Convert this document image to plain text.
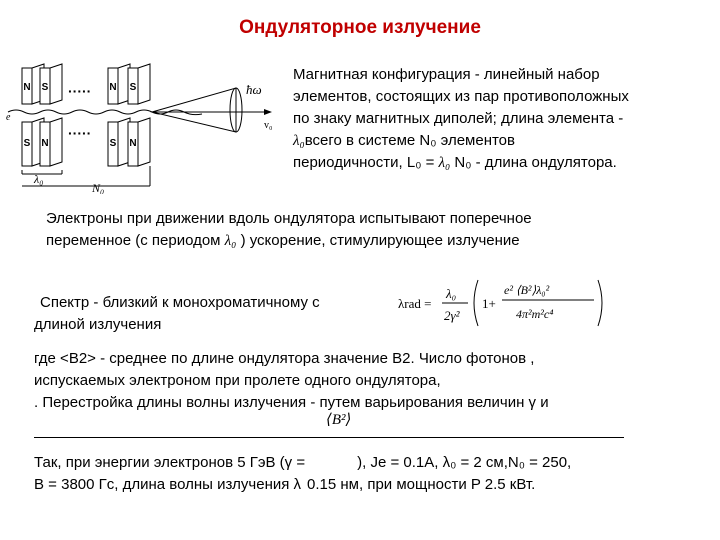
Ондуляторное излучение
N S	N S
S N	S N
·····
·····
e
ћω
v₀
λ₀
N₀
Магнитная конфигурация - линейный набор
элементов, состоящих из пар противоположных
по знаку магнитных диполей; длина элемента -
λ₀всего в системе N₀ элементов
периодичности, L₀ = λ₀ N₀ - длина ондулятора.
Электроны при движении вдоль ондулятора испытывают поперечное
переменное (с периодом λ₀ ) ускорение, стимулирующее излучение
Спектр - близкий к монохроматичному с
длиной излучения
λrad =
λ₀
2γ²
1+
e² ⟨B²⟩λ₀²
4π²m²c⁴
где <B2> - среднее по длине ондулятора значение B2. Число фотонов ,
испускаемых электроном при пролете одного ондулятора,
. Перестройка длины волны излучения - путем варьирования величин γ и
⟨B²⟩
Так, при энергии электронов 5 ГэВ (γ =	), Je = 0.1А, λ₀ = 2 см,N₀ = 250,
B = 3800 Гс, длина волны излучения λ 0.15 нм, при мощности P 2.5 кВт.
